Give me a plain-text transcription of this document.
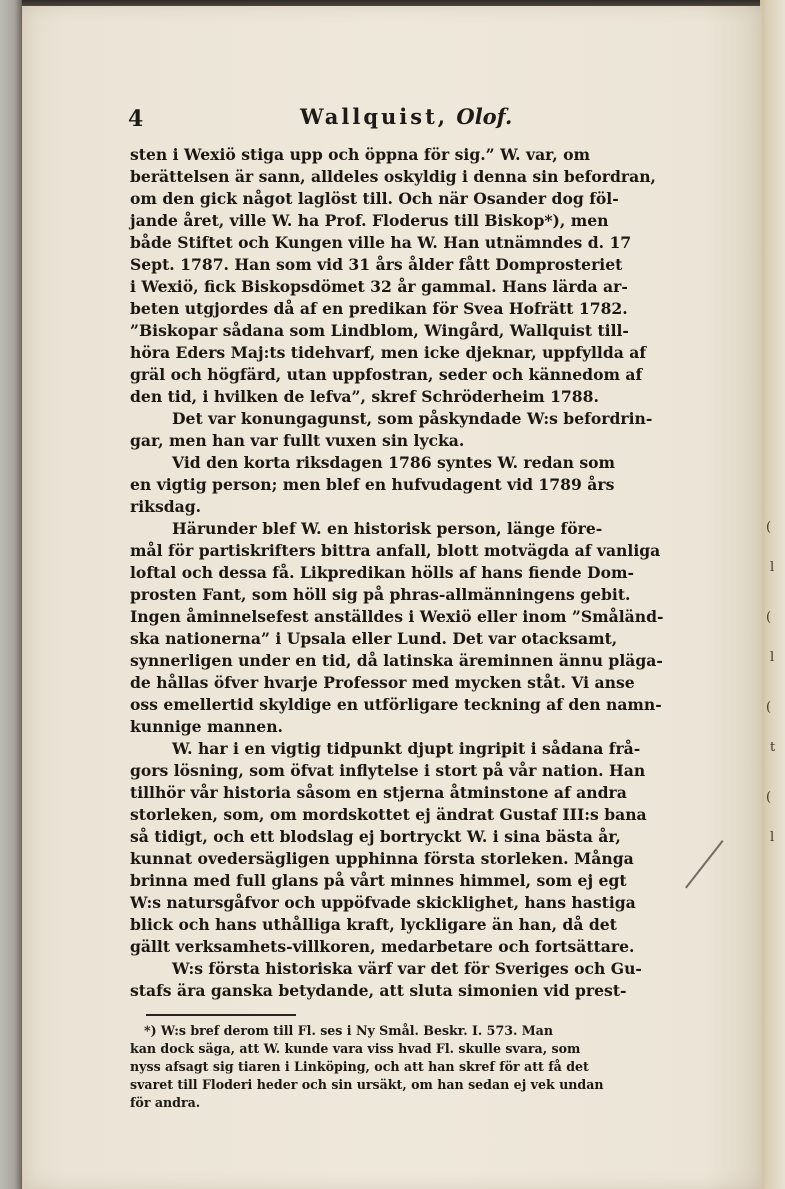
4	Wallquist, Olof.
sten i Wexiö stiga upp och öppna för sig.” W. var, om
berättelsen är sann, alldeles oskyldig i denna sin befordran,
om den gick något laglöst till. Och när Osander dog föl-
jande året, ville W. ha Prof. Floderus till Biskop*), men
både Stiftet och Kungen ville ha W. Han utnämndes d. 17
Sept. 1787. Han som vid 31 års ålder fått Domprosteriet
i Wexiö, fick Biskopsdömet 32 år gammal. Hans lärda ar-
beten utgjordes då af en predikan för Svea Hofrätt 1782.
”Biskopar sådana som Lindblom, Wingård, Wallquist till-
höra Eders Maj:ts tidehvarf, men icke djeknar, uppfyllda af
gräl och högfärd, utan uppfostran, seder och kännedom af
den tid, i hvilken de lefva”, skref Schröderheim 1788.
Det var konungagunst, som påskyndade W:s befordrin-
gar, men han var fullt vuxen sin lycka.
Vid den korta riksdagen 1786 syntes W. redan som
en vigtig person; men blef en hufvudagent vid 1789 års
riksdag.
Härunder blef W. en historisk person, länge före-
mål för partiskrifters bittra anfall, blott motvägda af vanliga
loftal och dessa få. Likpredikan hölls af hans fiende Dom-
prosten Fant, som höll sig på phras-allmänningens gebit.
Ingen åminnelsefest anställdes i Wexiö eller inom ”Småländ-
ska nationerna” i Upsala eller Lund. Det var otacksamt,
synnerligen under en tid, då latinska äreminnen ännu pläga-
de hållas öfver hvarje Professor med mycken ståt. Vi anse
oss emellertid skyldige en utförligare teckning af den namn-
kunnige mannen.
W. har i en vigtig tidpunkt djupt ingripit i sådana frå-
gors lösning, som öfvat inflytelse i stort på vår nation. Han
tillhör vår historia såsom en stjerna åtminstone af andra
storleken, som, om mordskottet ej ändrat Gustaf III:s bana
så tidigt, och ett blodslag ej bortryckt W. i sina bästa år,
kunnat ovedersägligen upphinna första storleken. Många
brinna med full glans på vårt minnes himmel, som ej egt
W:s natursgåfvor och uppöfvade skicklighet, hans hastiga
blick och hans uthålliga kraft, lyckligare än han, då det
gällt verksamhets-villkoren, medarbetare och fortsättare.
W:s första historiska värf var det för Sveriges och Gu-
stafs ära ganska betydande, att sluta simonien vid prest-
*) W:s bref derom till Fl. ses i Ny Smål. Beskr. I. 573. Man
kan dock säga, att W. kunde vara viss hvad Fl. skulle svara, som
nyss afsagt sig tiaren i Linköping, och att han skref för att få det
svaret till Floderi heder och sin ursäkt, om han sedan ej vek undan
för andra.
(
l
(
l
(
t
(
l
